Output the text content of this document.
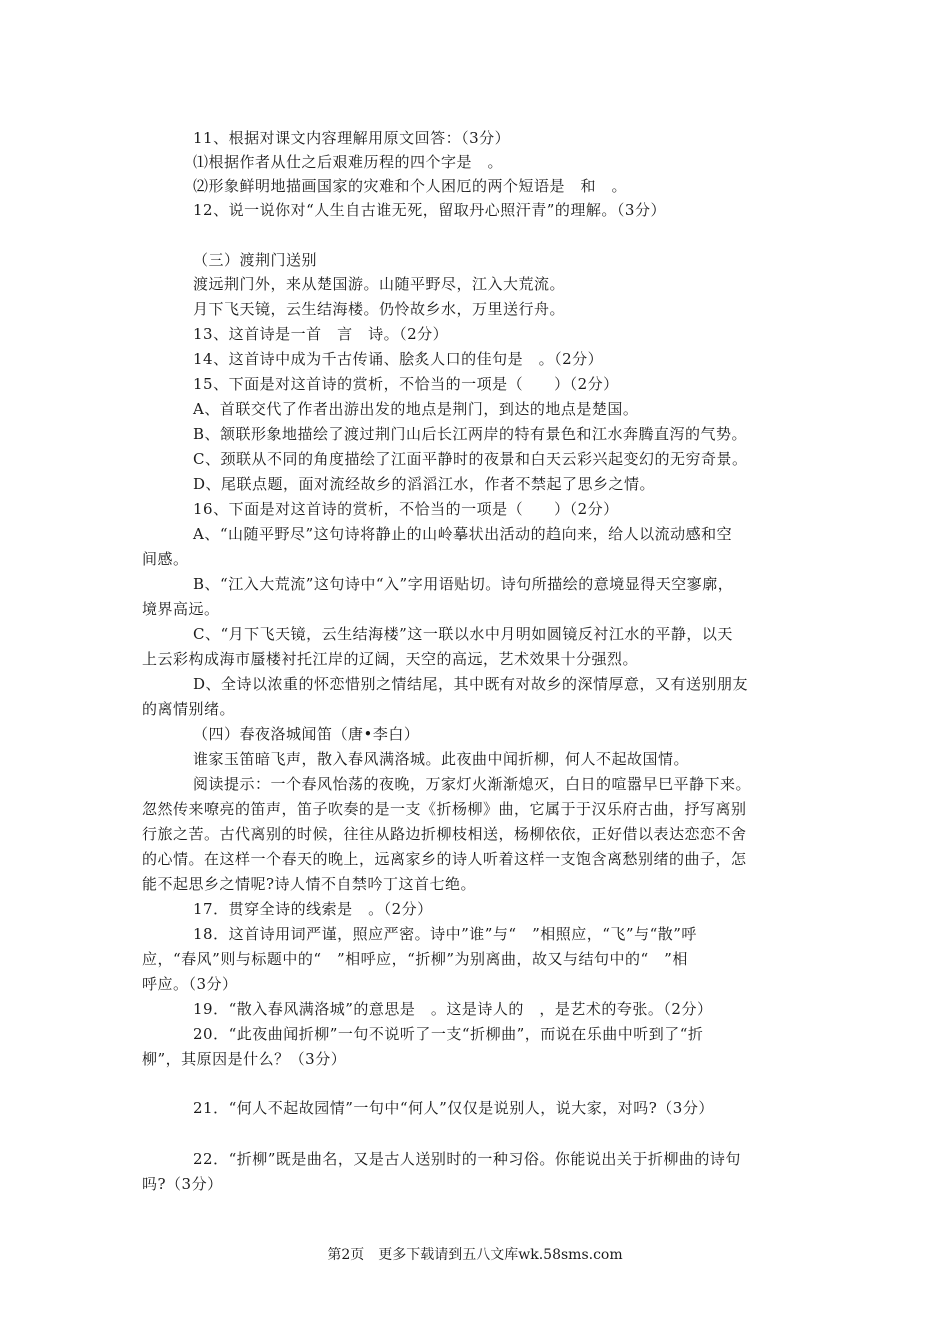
11、根据对课文内容理解用原文回答：（3分）
⑴根据作者从仕之后艰难历程的四个字是　。
⑵形象鲜明地描画国家的灾难和个人困厄的两个短语是　和　。
12、说一说你对“人生自古谁无死，留取丹心照汗青”的理解。（3分）
（三）渡荆门送别
渡远荆门外，来从楚国游。山随平野尽，江入大荒流。
月下飞天镜，云生结海楼。仍怜故乡水，万里送行舟。
13、这首诗是一首　言　诗。（2分）
14、这首诗中成为千古传诵、脍炙人口的佳句是　。（2分）
15、下面是对这首诗的赏析，不恰当的一项是（　　）（2分）
A、首联交代了作者出游出发的地点是荆门，到达的地点是楚国。
B、颔联形象地描绘了渡过荆门山后长江两岸的特有景色和江水奔腾直泻的气势。
C、颈联从不同的角度描绘了江面平静时的夜景和白天云彩兴起变幻的无穷奇景。
D、尾联点题，面对流经故乡的滔滔江水，作者不禁起了思乡之情。
16、下面是对这首诗的赏析，不恰当的一项是（　　）（2分）
A、“山随平野尽”这句诗将静止的山岭摹状出活动的趋向来，给人以流动感和空
间感。
B、“江入大荒流”这句诗中“入”字用语贴切。诗句所描绘的意境显得天空寥廓，
境界高远。
C、“月下飞天镜，云生结海楼”这一联以水中月明如圆镜反衬江水的平静，以天
上云彩构成海市蜃楼衬托江岸的辽阔，天空的高远，艺术效果十分强烈。
D、全诗以浓重的怀恋惜别之情结尾，其中既有对故乡的深情厚意，又有送别朋友
的离情别绪。
（四）春夜洛城闻笛（唐•李白）
谁家玉笛暗飞声，散入春风满洛城。此夜曲中闻折柳，何人不起故国情。
阅读提示：一个春风怡荡的夜晚，万家灯火渐渐熄灭，白日的喧嚣早巳平静下来。
忽然传来嘹亮的笛声，笛子吹奏的是一支《折杨柳》曲，它属于于汉乐府古曲，抒写离别
行旅之苦。古代离别的时候，往往从路边折柳枝相送，杨柳依依，正好借以表达恋恋不舍
的心情。在这样一个春天的晚上，远离家乡的诗人听着这样一支饱含离愁别绪的曲子，怎
能不起思乡之情呢?诗人情不自禁吟丁这首七绝。
17．贯穿全诗的线索是　。（2分）
18．这首诗用词严谨，照应严密。诗中”谁”与“　”相照应，“飞”与“散”呼
应，“春风”则与标题中的“　”相呼应，“折柳”为别离曲，故又与结句中的“　”相
呼应。（3分）
19．“散入春风满洛城”的意思是　。这是诗人的　，是艺术的夸张。（2分）
20．“此夜曲闻折柳”一句不说听了一支“折柳曲”，而说在乐曲中听到了“折
柳”，其原因是什么？（3分）
21．“何人不起故园情”一句中“何人”仅仅是说别人，说大家，对吗?（3分）
22．“折柳”既是曲名，又是古人送别时的一种习俗。你能说出关于折柳曲的诗句
吗?（3分）
第2页　更多下载请到五八文库wk.58sms.com
